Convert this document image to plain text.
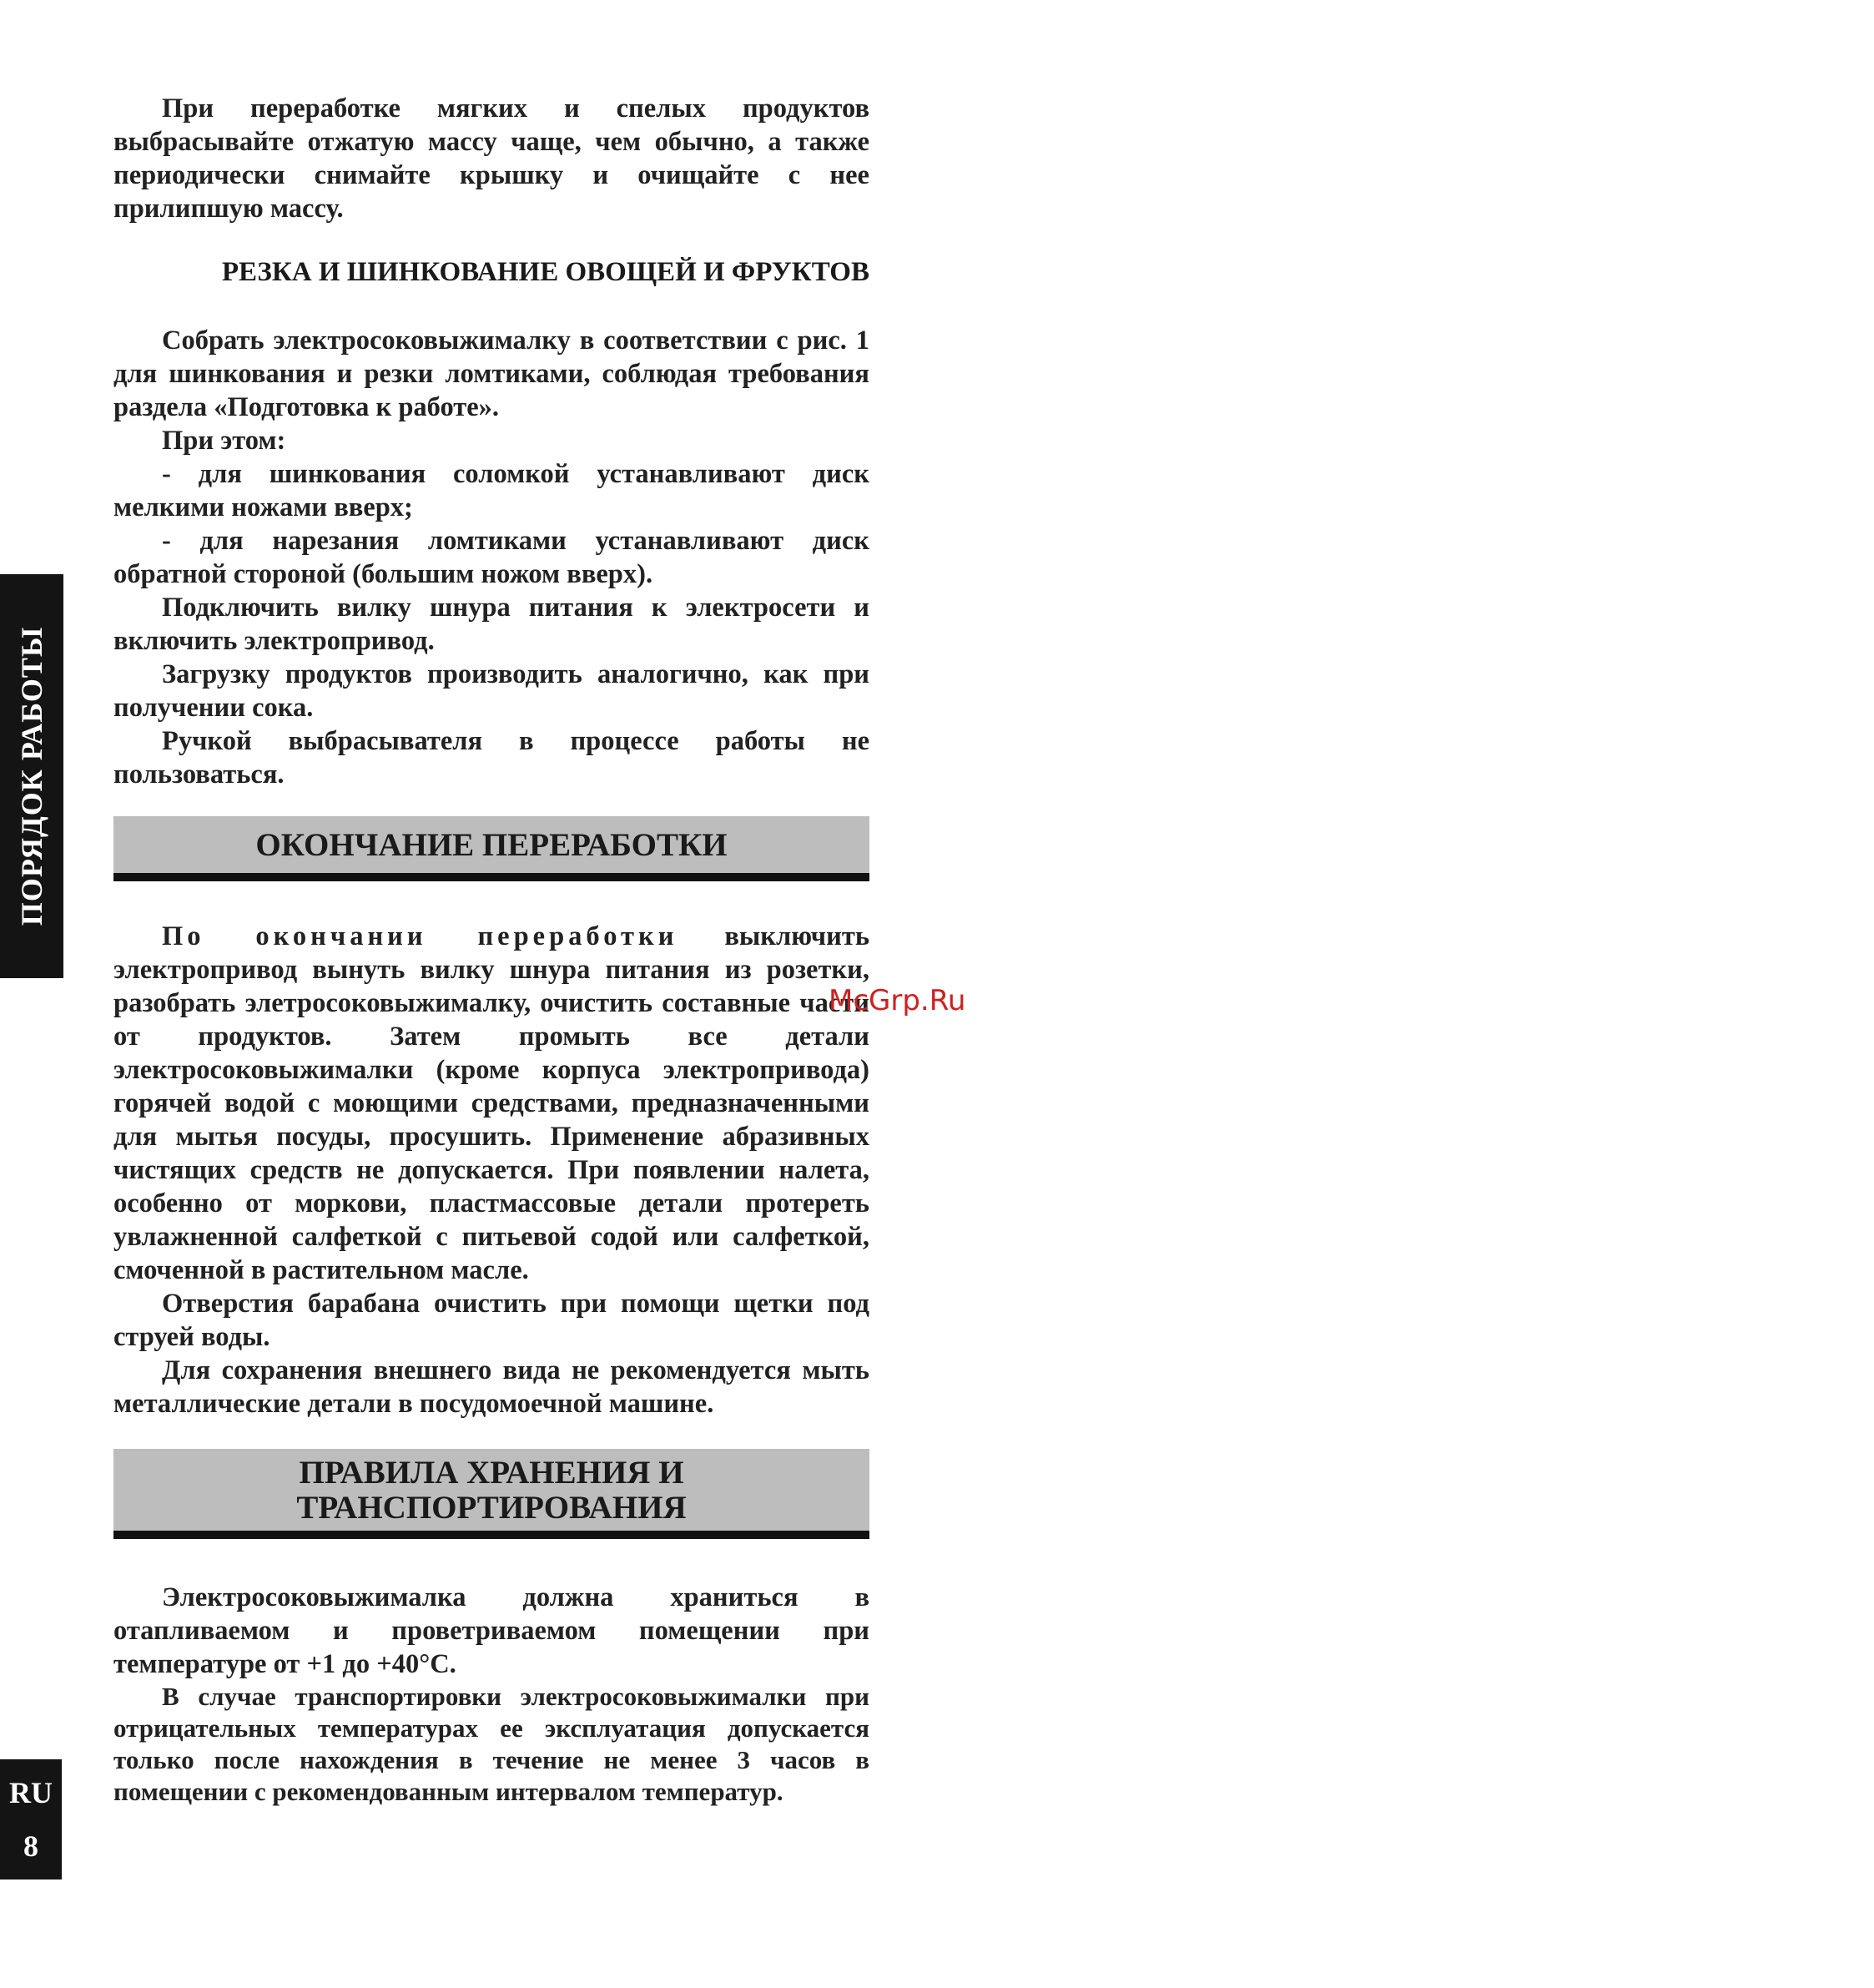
ПОРЯДОК РАБОТЫ
RU
8

При переработке мягких и спелых продуктов выбрасывайте отжатую массу чаще, чем обычно, а также периодически снимайте крышку и очищайте с нее прилипшую массу.

РЕЗКА И ШИНКОВАНИЕ ОВОЩЕЙ И ФРУКТОВ

Собрать электросоковыжималку в соответствии с рис. 1 для шинкования и резки ломтиками, соблюдая требования раздела «Подготовка к работе».

При этом:

- для шинкования соломкой устанавливают диск мелкими ножами вверх;

- для нарезания ломтиками устанавливают диск обратной стороной (большим ножом вверх).

Подключить вилку шнура питания к электросети и включить электропривод.

Загрузку продуктов производить аналогично, как при получении сока.

Ручкой выбрасывателя в процессе работы не пользоваться.

ОКОНЧАНИЕ ПЕРЕРАБОТКИ

По окончании переработки выключить электропривод вынуть вилку шнура питания из розетки, разобрать элетросоковыжималку, очистить составные части от продуктов. Затем промыть все детали электросоковыжималки (кроме корпуса электропривода) горячей водой с моющими средствами, предназначенными для мытья посуды, просушить. Применение абразивных чистящих средств не допускается. При появлении налета, особенно от моркови, пластмассовые детали протереть увлажненной салфеткой с питьевой содой или салфеткой, смоченной в растительном масле.

Отверстия барабана очистить при помощи щетки под струей воды.

Для сохранения внешнего вида не рекомендуется мыть металлические детали в посудомоечной машине.

ПРАВИЛА ХРАНЕНИЯ И
ТРАНСПОРТИРОВАНИЯ

Электросоковыжималка должна храниться в отапливаемом и проветриваемом помещении при температуре от +1 до +40°С.

В случае транспортировки электросоковыжималки при отрицательных температурах ее эксплуатация допускается только после нахождения в течение не менее 3 часов в помещении с рекомендованным интервалом температур.

McGrp.Ru
